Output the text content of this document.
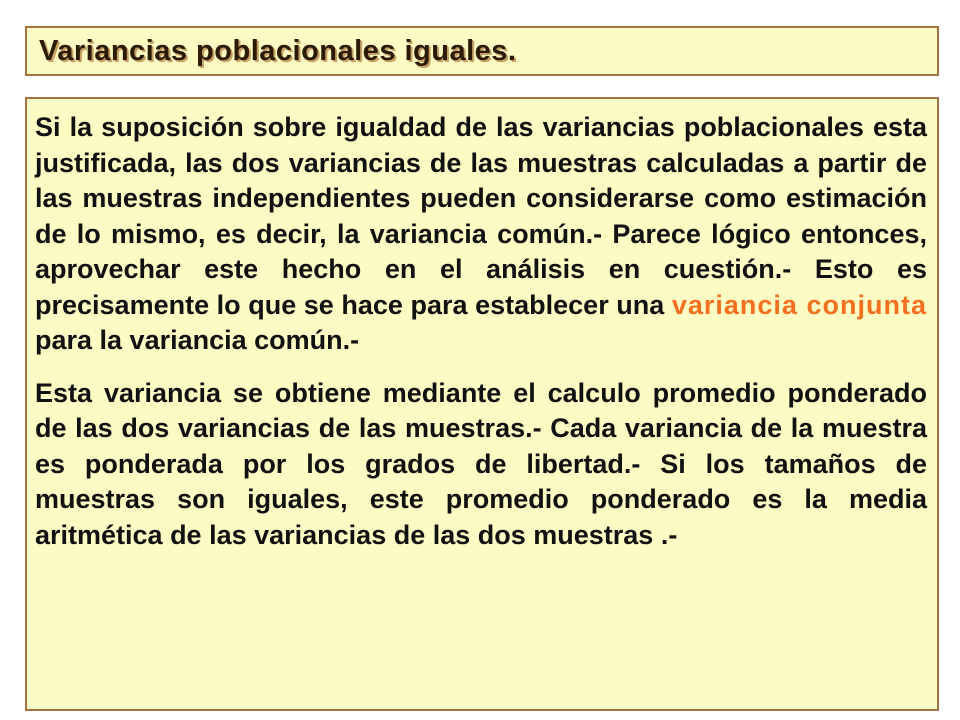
Variancias poblacionales iguales.

Si la suposición sobre igualdad de las variancias poblacionales esta justificada, las dos variancias de las muestras calculadas a partir de las muestras independientes pueden considerarse como estimación de lo mismo, es decir, la variancia común.- Parece lógico entonces, aprovechar este hecho en el análisis en cuestión.- Esto es precisamente lo que se hace para establecer una variancia conjunta para la variancia común.-

Esta variancia se obtiene mediante el calculo promedio ponderado de las dos variancias de las muestras.- Cada variancia de la muestra es ponderada por los grados de libertad.- Si los tamaños de muestras son iguales, este promedio ponderado es la media aritmética de las variancias de las dos muestras .-
